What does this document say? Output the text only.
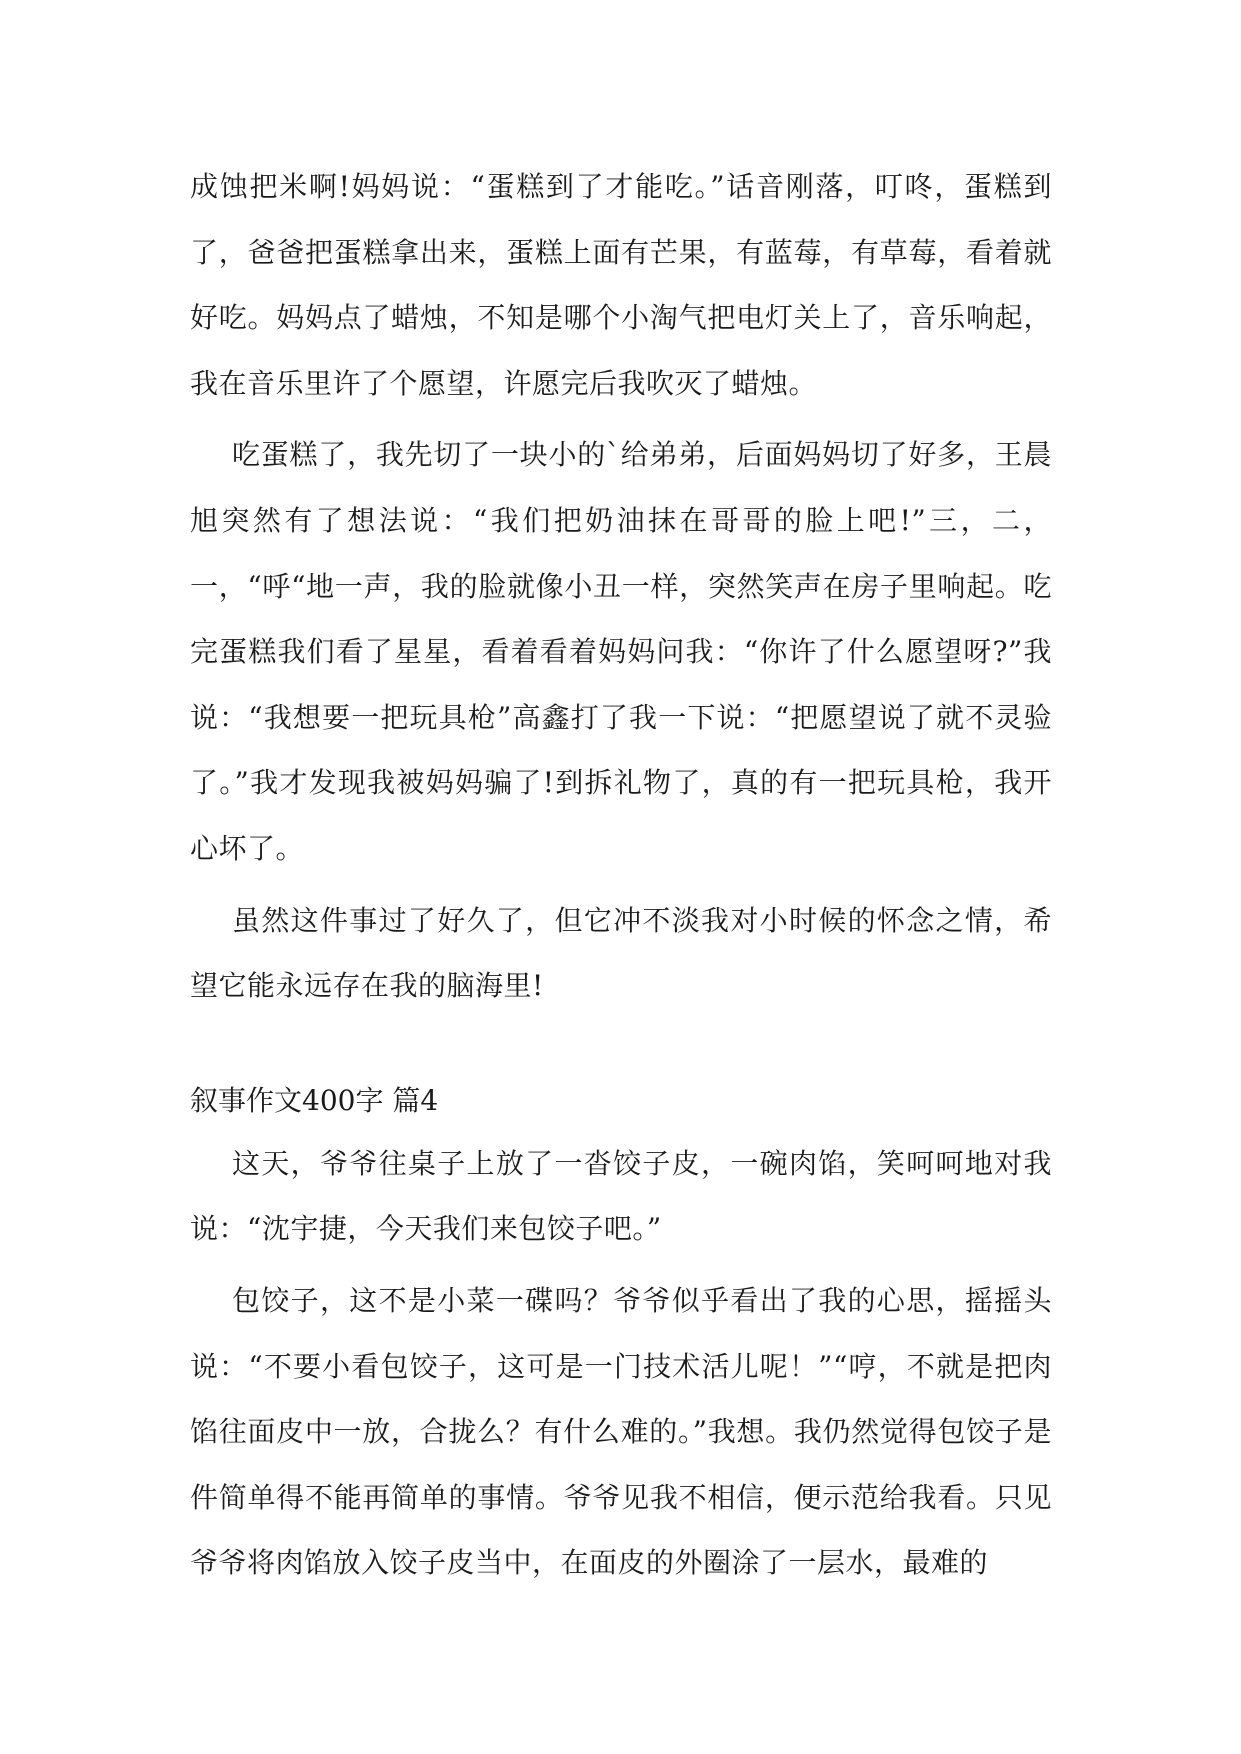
成蚀把米啊!妈妈说：“蛋糕到了才能吃。”话音刚落，叮咚，蛋糕到了，爸爸把蛋糕拿出来，蛋糕上面有芒果，有蓝莓，有草莓，看着就好吃。妈妈点了蜡烛，不知是哪个小淘气把电灯关上了，音乐响起，我在音乐里许了个愿望，许愿完后我吹灭了蜡烛。

吃蛋糕了，我先切了一块小的`给弟弟，后面妈妈切了好多，王晨旭突然有了想法说：“我们把奶油抹在哥哥的脸上吧!”三，二，一，“呼“地一声，我的脸就像小丑一样，突然笑声在房子里响起。吃完蛋糕我们看了星星，看着看着妈妈问我：“你许了什么愿望呀?”我说：“我想要一把玩具枪”高鑫打了我一下说：“把愿望说了就不灵验了。”我才发现我被妈妈骗了!到拆礼物了，真的有一把玩具枪，我开心坏了。

虽然这件事过了好久了，但它冲不淡我对小时候的怀念之情，希望它能永远存在我的脑海里!

叙事作文400字 篇4

这天，爷爷往桌子上放了一沓饺子皮，一碗肉馅，笑呵呵地对我说：“沈宇捷，今天我们来包饺子吧。”

包饺子，这不是小菜一碟吗？爷爷似乎看出了我的心思，摇摇头说：“不要小看包饺子，这可是一门技术活儿呢！”“哼，不就是把肉馅往面皮中一放，合拢么？有什么难的。”我想。我仍然觉得包饺子是件简单得不能再简单的事情。爷爷见我不相信，便示范给我看。只见爷爷将肉馅放入饺子皮当中，在面皮的外圈涂了一层水，最难的
